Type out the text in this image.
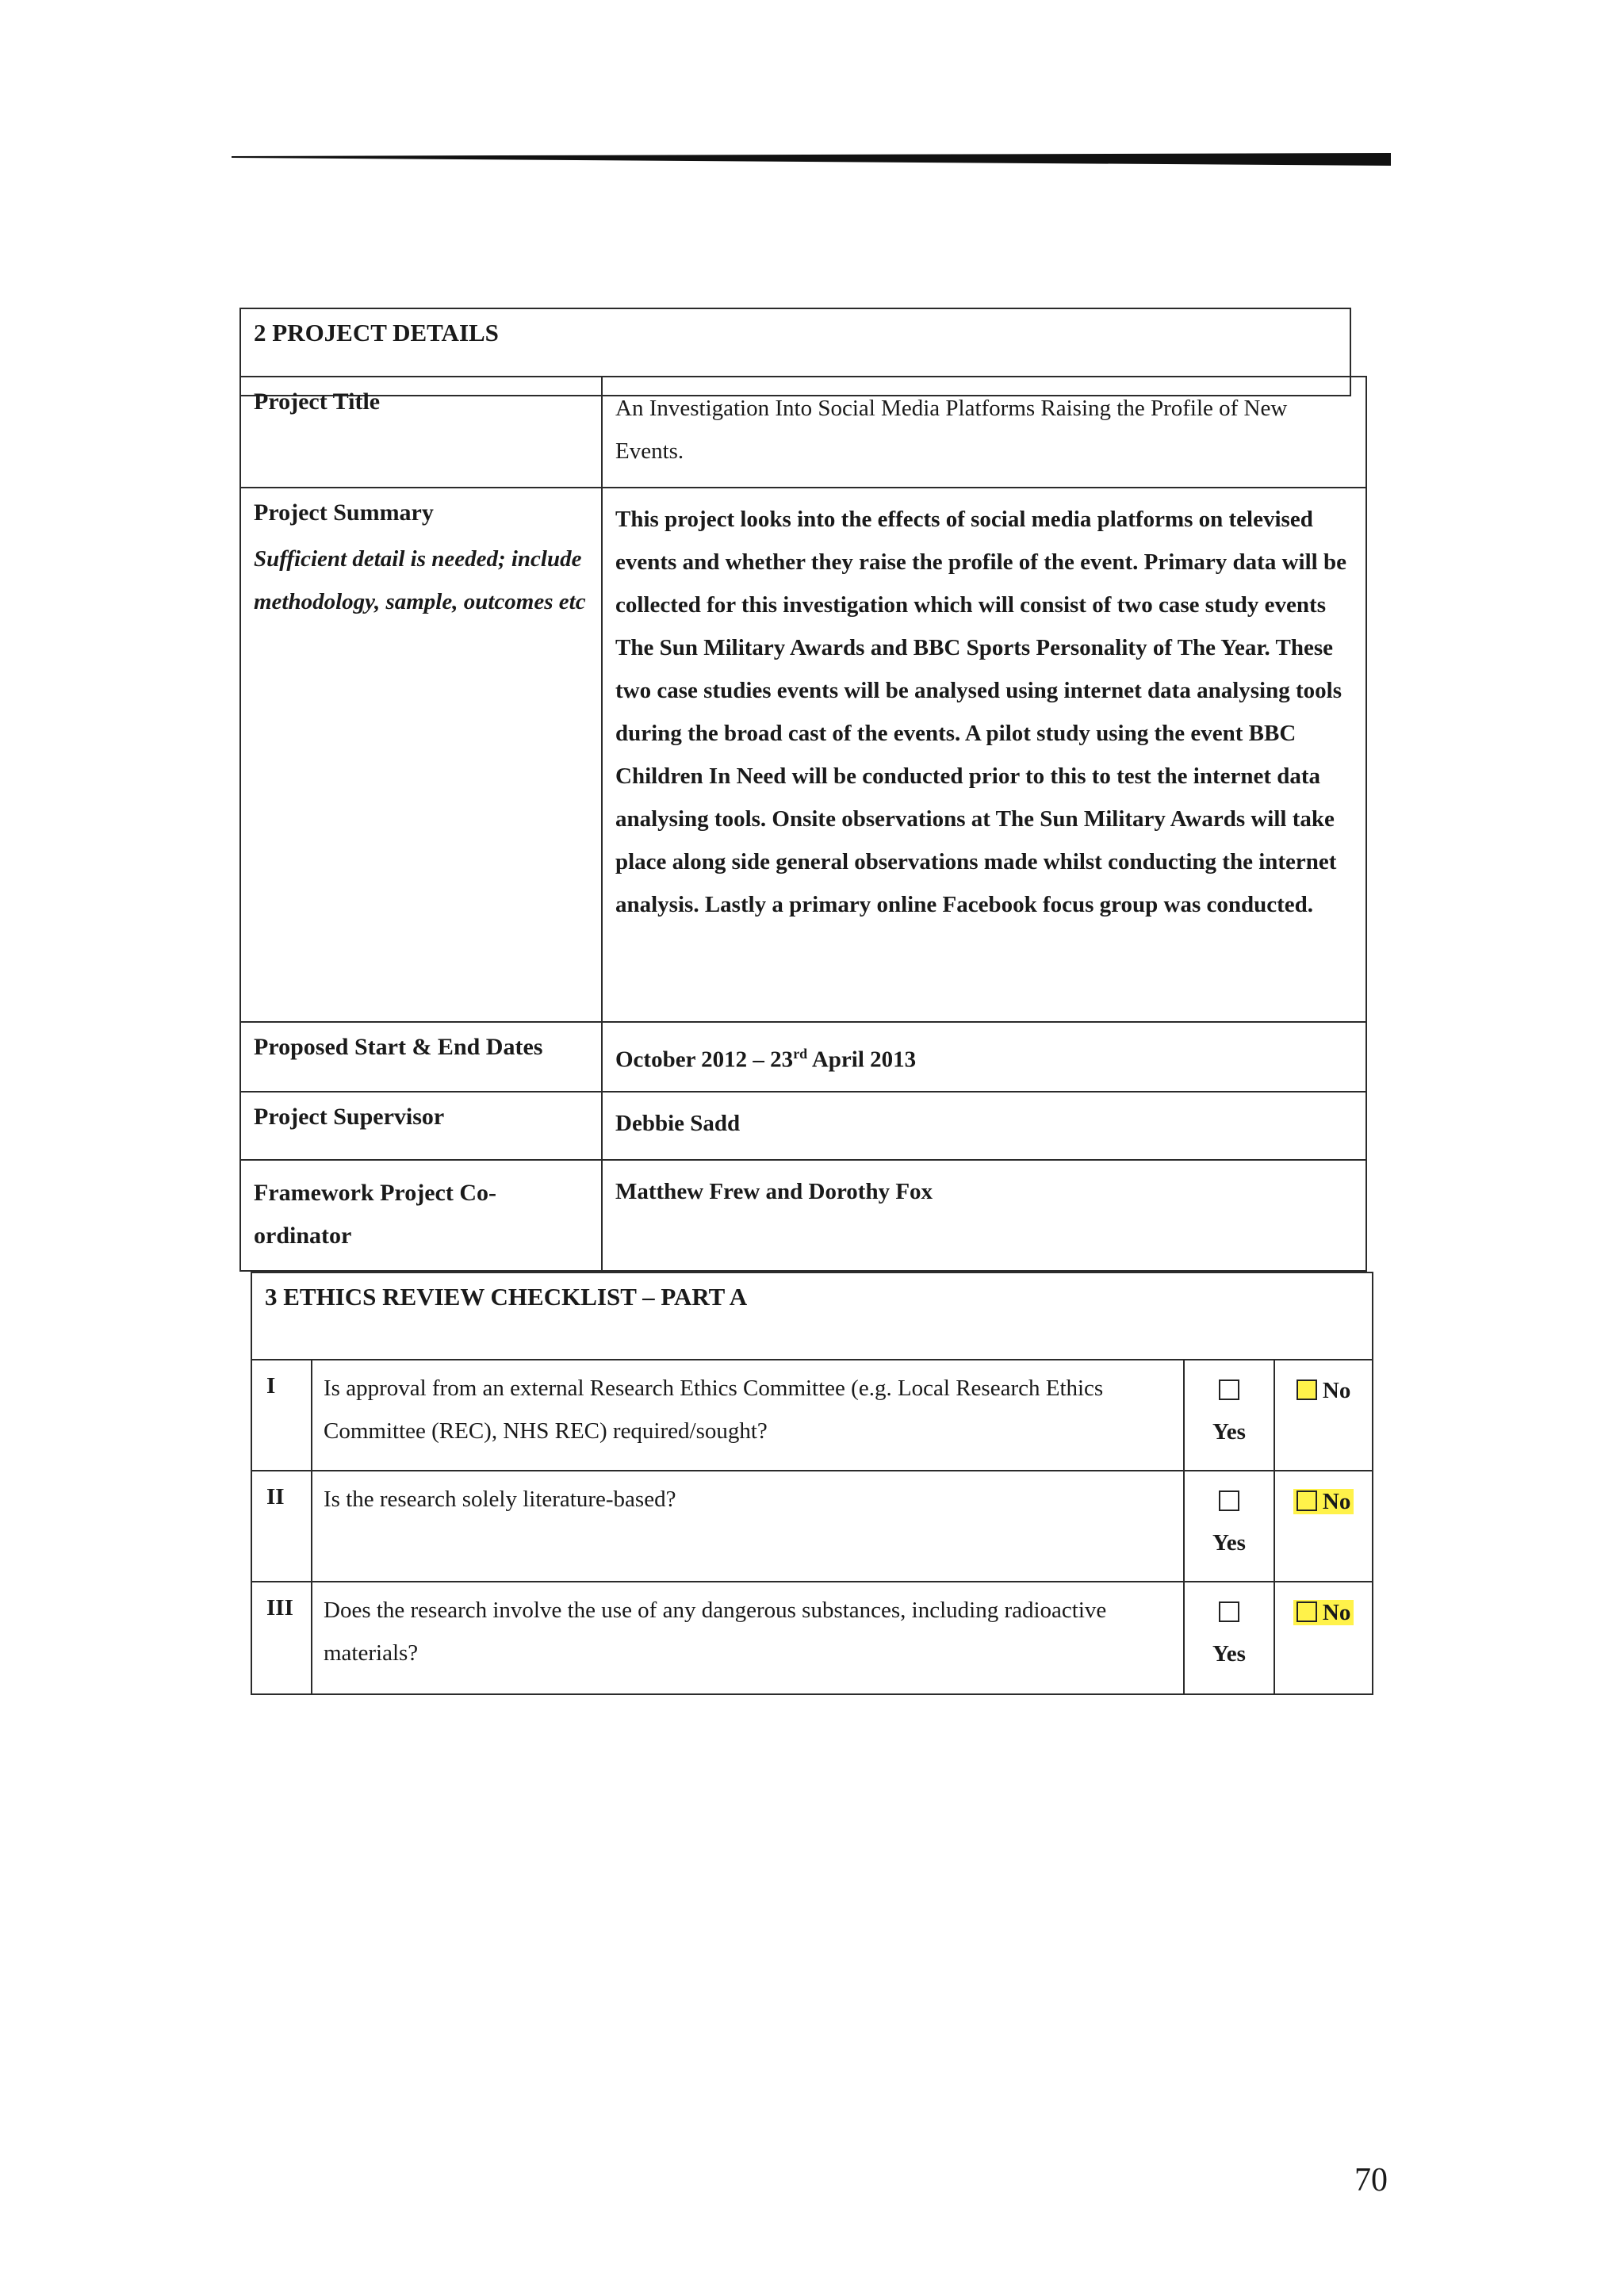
2 PROJECT DETAILS
Project Title	An Investigation Into Social Media Platforms Raising the Profile of New Events.
Project Summary
Sufficient detail is needed; include methodology, sample, outcomes etc	This project looks into the effects of social media platforms on televised events and whether they raise the profile of the event. Primary data will be collected for this investigation which will consist of two case study events The Sun Military Awards and BBC Sports Personality of The Year. These two case studies events will be analysed using internet data analysing tools during the broad cast of the events. A pilot study using the event BBC Children In Need will be conducted prior to this to test the internet data analysing tools. Onsite observations at The Sun Military Awards will take place along side general observations made whilst conducting the internet analysis. Lastly a primary online Facebook focus group was conducted.
Proposed Start & End Dates	October 2012 – 23rd April 2013
Project Supervisor	Debbie Sadd
Framework Project Co-ordinator	Matthew Frew and Dorothy Fox
3 ETHICS REVIEW CHECKLIST – PART A			
I	Is approval from an external Research Ethics Committee (e.g. Local Research Ethics Committee (REC), NHS REC) required/sought?	Yes	No
II	Is the research solely literature-based?	Yes	No
III	Does the research involve the use of any dangerous substances, including radioactive materials?	Yes	No
70
